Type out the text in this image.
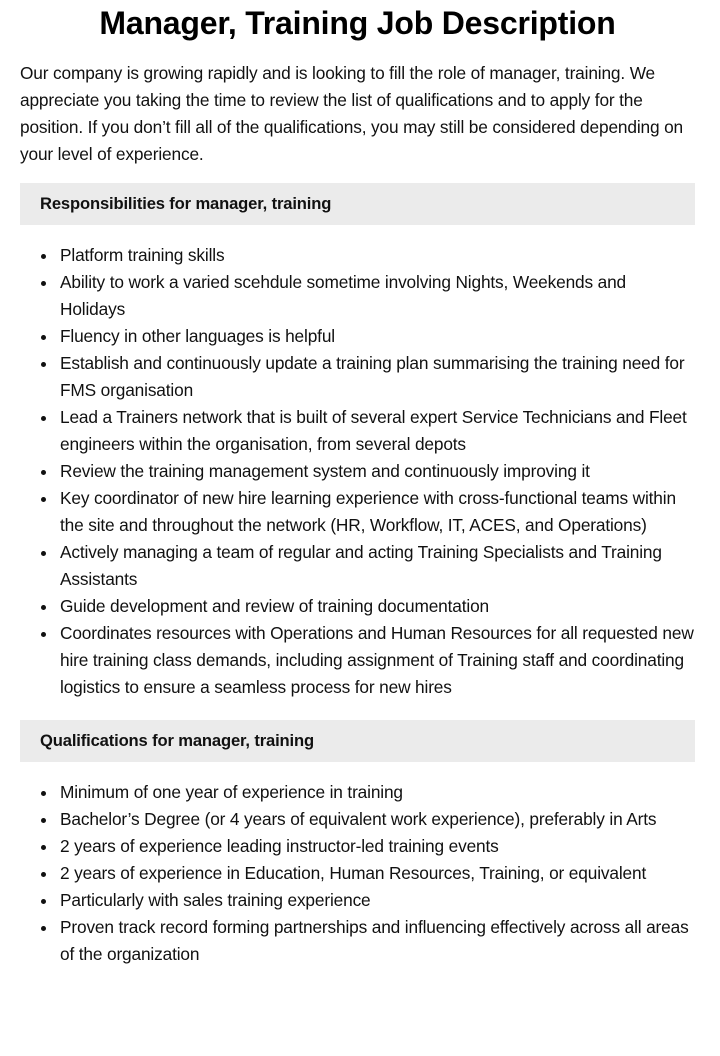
Manager, Training Job Description

Our company is growing rapidly and is looking to fill the role of manager, training. We appreciate you taking the time to review the list of qualifications and to apply for the position. If you don’t fill all of the qualifications, you may still be considered depending on your level of experience.

Responsibilities for manager, training
Platform training skills
Ability to work a varied scehdule sometime involving Nights, Weekends and Holidays
Fluency in other languages is helpful
Establish and continuously update a training plan summarising the training need for FMS organisation
Lead a Trainers network that is built of several expert Service Technicians and Fleet engineers within the organisation, from several depots
Review the training management system and continuously improving it
Key coordinator of new hire learning experience with cross-functional teams within the site and throughout the network (HR, Workflow, IT, ACES, and Operations)
Actively managing a team of regular and acting Training Specialists and Training Assistants
Guide development and review of training documentation
Coordinates resources with Operations and Human Resources for all requested new hire training class demands, including assignment of Training staff and coordinating logistics to ensure a seamless process for new hires
Qualifications for manager, training
Minimum of one year of experience in training
Bachelor’s Degree (or 4 years of equivalent work experience), preferably in Arts
2 years of experience leading instructor-led training events
2 years of experience in Education, Human Resources, Training, or equivalent
Particularly with sales training experience
Proven track record forming partnerships and influencing effectively across all areas of the organization
